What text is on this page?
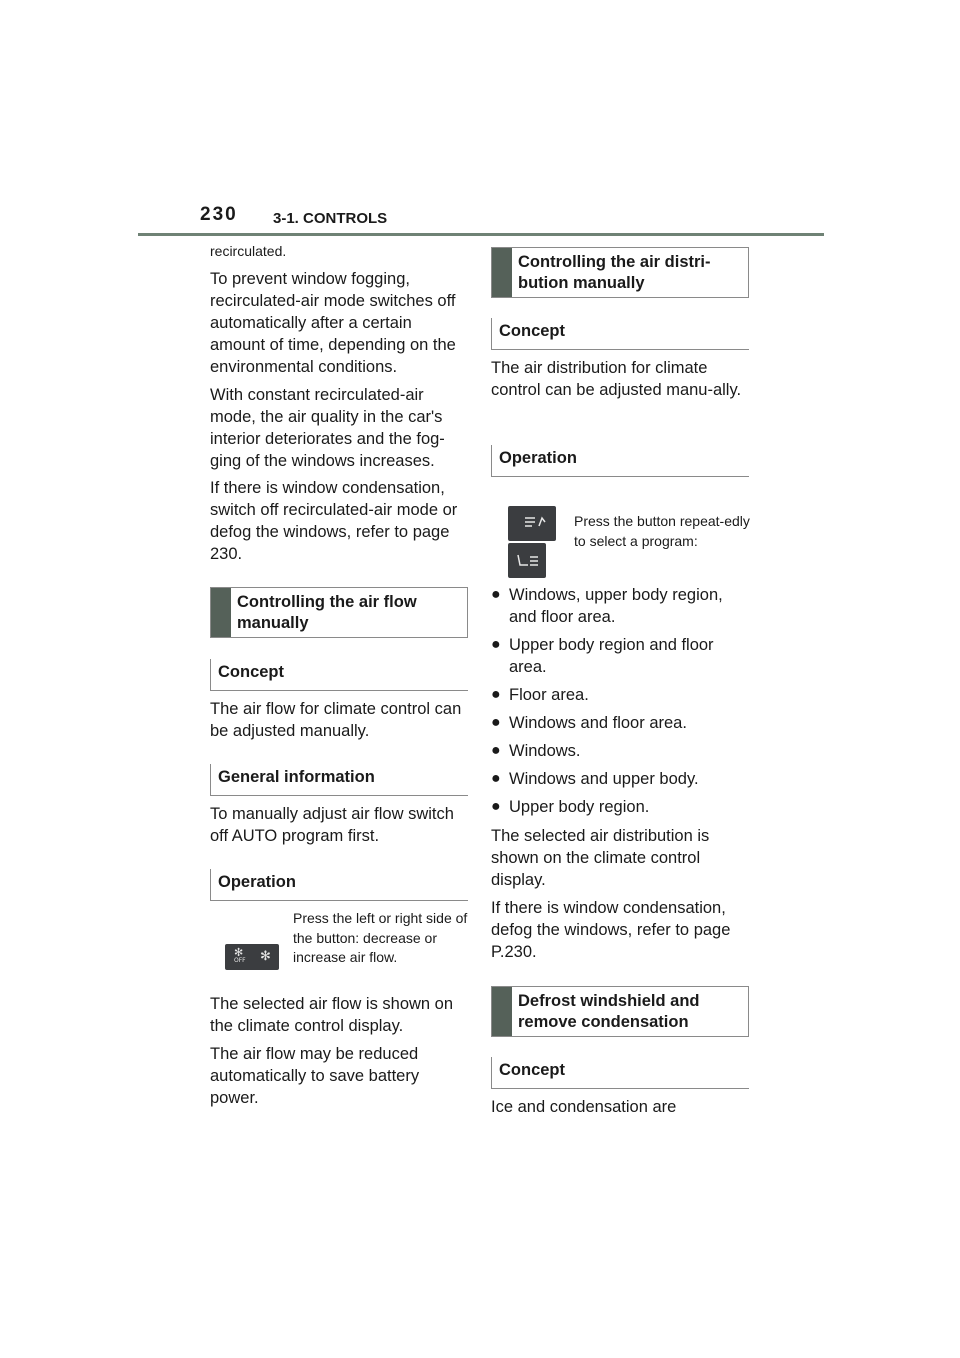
230 3-1. CONTROLS

recirculated.

To prevent window fogging, recirculated-air mode switches off automatically after a certain amount of time, depending on the environmental conditions.

With constant recirculated-air mode, the air quality in the car's interior deteriorates and the fog-ging of the windows increases.

If there is window condensation, switch off recirculated-air mode or defog the windows, refer to page 230.

Controlling the air flow manually
Concept

The air flow for climate control can be adjusted manually.

General information

To manually adjust air flow switch off AUTO program first.

Operation
✻
OFF ✻

Press the left or right side of the button: decrease or increase air flow.

The selected air flow is shown on the climate control display.

The air flow may be reduced automatically to save battery power.

Controlling the air distri-bution manually
Concept

The air distribution for climate control can be adjusted manu-ally.

Operation

Press the button repeat-edly to select a program:

● Windows, upper body region, and floor area.
● Upper body region and floor area.
● Floor area.
● Windows and floor area.
● Windows.
● Windows and upper body.
● Upper body region.

The selected air distribution is shown on the climate control display.

If there is window condensation, defog the windows, refer to page P.230.

Defrost windshield and remove condensation
Concept

Ice and condensation are
